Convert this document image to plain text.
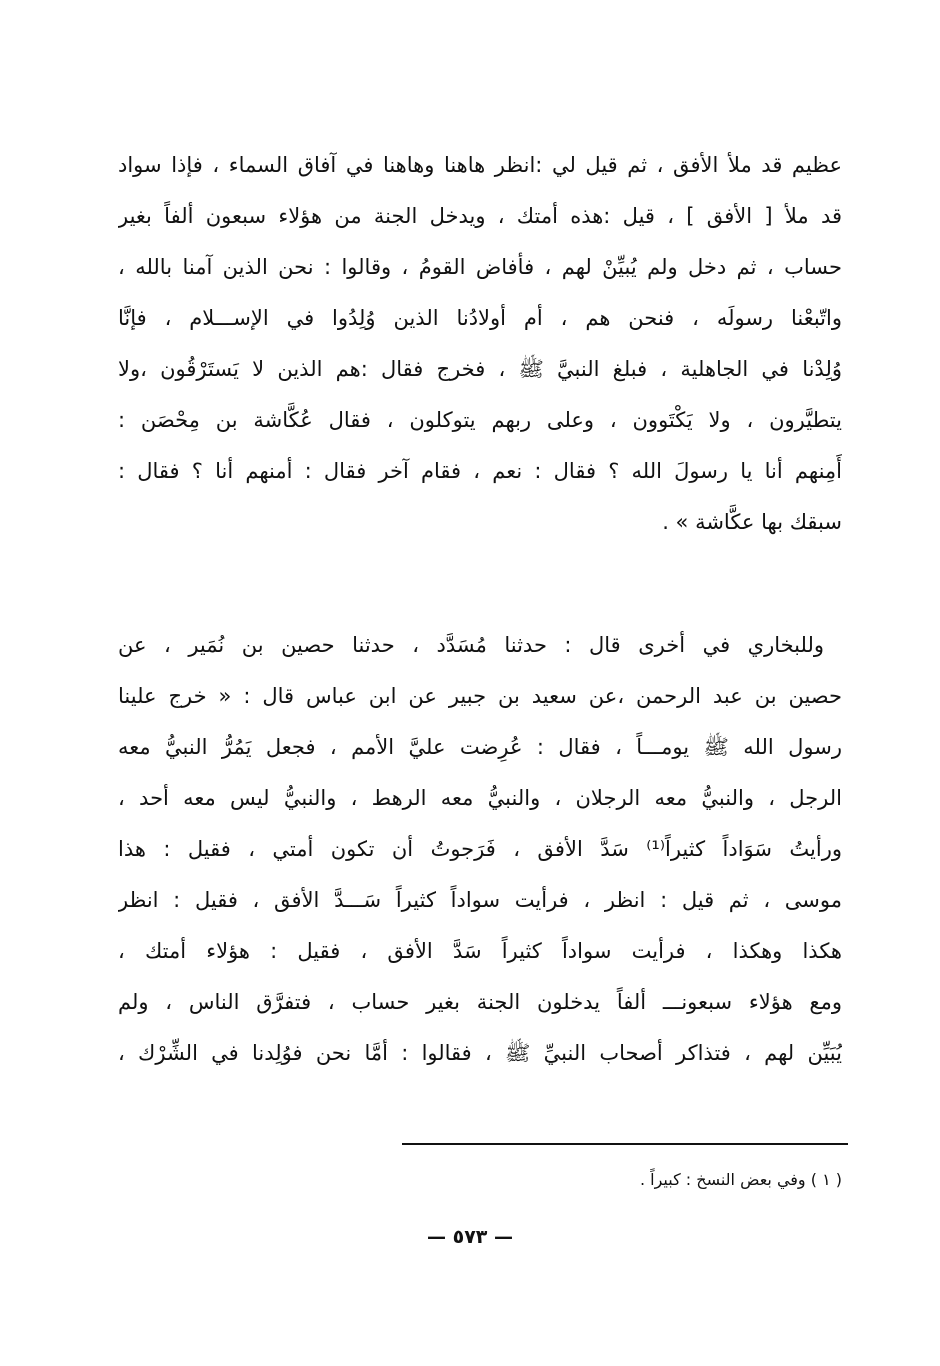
عظيم قد ملأ الأفق ، ثم قيل لي :انظر هاهنا وهاهنا في آفاق السماء ، فإذا سواد
قد ملأ [ الأفق ] ، قيل :هذه أمتك ، ويدخل الجنة من هؤلاء سبعون ألفاً بغير
حساب ، ثم دخل ولم يُبيِّنْ لهم ، فأفاض القومُ ، وقالوا : نحن الذين آمنا بالله ،
واتّبعْنا رسولَه ، فنحن هم ، أم أولادُنا الذين وُلِدُوا في الإســـلام ، فإنَّا
وُلِدْنا في الجاهلية ، فبلغ النبيَّ ﷺ ، فخرج فقال :هم الذين لا يَستَرْقُون ،ولا
يتطيَّرون ، ولا يَكْتَوون ، وعلى ربهم يتوكلون ، فقال عُكَّاشة بن مِحْصَن :
أَمِنهم أنا يا رسولَ الله ؟ فقال : نعم ، فقام آخر فقال : أمنهم أنا ؟ فقال :
سبقك بها عكَّاشة » .
وللبخاري في أخرى قال : حدثنا مُسَدَّد ، حدثنا حصين بن نُمَير ، عن
حصين بن عبد الرحمن ،عن سعيد بن جبير عن ابن عباس قال : « خرج علينا
رسول الله ﷺ يومـــاً ، فقال : عُرِضت عليَّ الأمم ، فجعل يَمُرُّ النبيُّ معه
الرجل ، والنبيُّ معه الرجلان ، والنبيُّ معه الرهط ، والنبيُّ ليس معه أحد ،
ورأيتُ سَوَاداً كثيراً⁽¹⁾ سَدَّ الأفق ، فَرَجوتُ أن تكون أمتي ، فقيل : هذا
موسى ، ثم قيل : انظر ، فرأيت سواداً كثيراً سَـــدَّ الأفق ، فقيل : انظر
هكذا وهكذا ، فرأيت سواداً كثيراً سَدَّ الأفق ، فقيل : هؤلاء أمتك ،
ومع هؤلاء سبعونـــ ألفاً يدخلون الجنة بغير حساب ، فتفرَّق الناس ، ولم
يُبَيِّن لهم ، فتذاكر أصحاب النبيِّ ﷺ ، فقالوا : أمَّا نحن فوُلِدنا في الشِّرْك ،
( ١ ) وفي بعض النسخ : كبيراً .
— ٥٧٣ —
